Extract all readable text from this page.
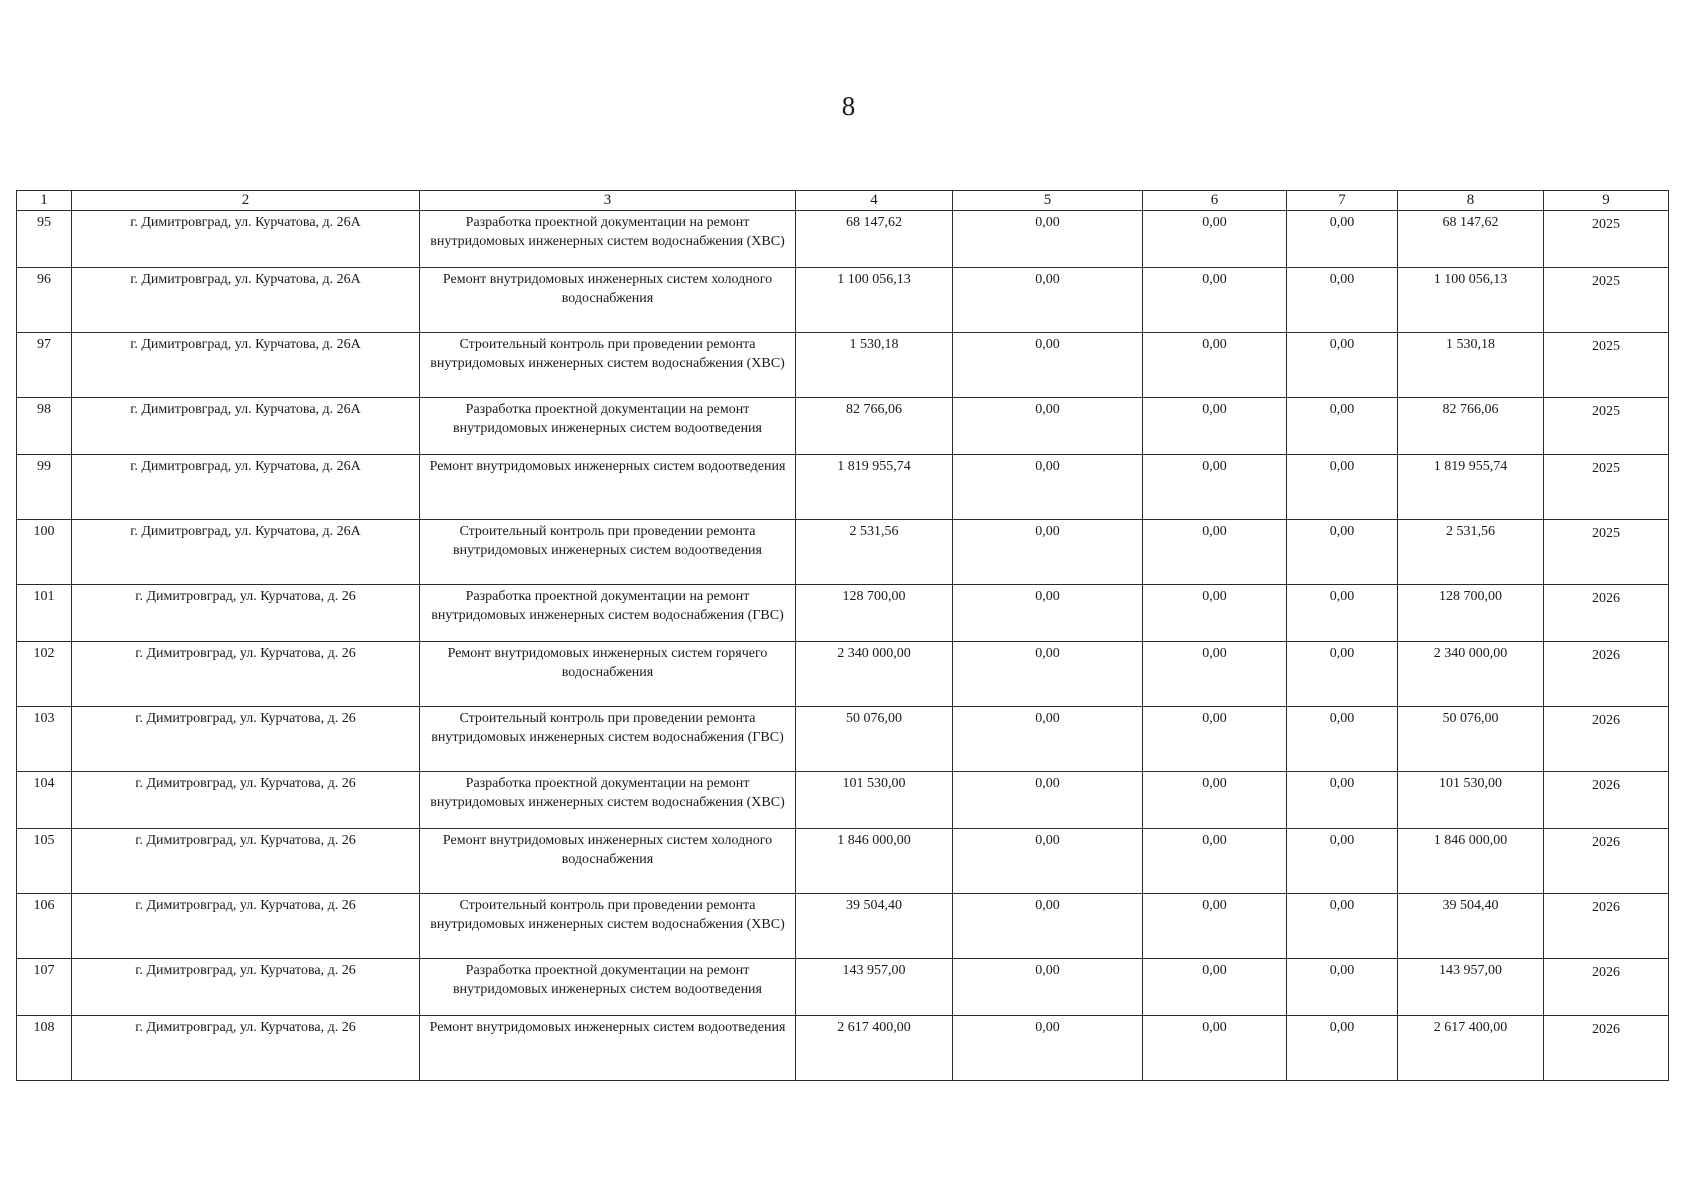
8
1	2	3	4	5	6	7	8	9
95	г. Димитровград, ул. Курчатова, д. 26А	Разработка проектной документации на ремонт внутридомовых инженерных систем водоснабжения (ХВС)	68 147,62	0,00	0,00	0,00	68 147,62	2025
96	г. Димитровград, ул. Курчатова, д. 26А	Ремонт внутридомовых инженерных систем холодного водоснабжения	1 100 056,13	0,00	0,00	0,00	1 100 056,13	2025
97	г. Димитровград, ул. Курчатова, д. 26А	Строительный контроль при проведении ремонта внутридомовых инженерных систем водоснабжения (ХВС)	1 530,18	0,00	0,00	0,00	1 530,18	2025
98	г. Димитровград, ул. Курчатова, д. 26А	Разработка проектной документации на ремонт внутридомовых инженерных систем водоотведения	82 766,06	0,00	0,00	0,00	82 766,06	2025
99	г. Димитровград, ул. Курчатова, д. 26А	Ремонт внутридомовых инженерных систем водоотведения	1 819 955,74	0,00	0,00	0,00	1 819 955,74	2025
100	г. Димитровград, ул. Курчатова, д. 26А	Строительный контроль при проведении ремонта внутридомовых инженерных систем водоотведения	2 531,56	0,00	0,00	0,00	2 531,56	2025
101	г. Димитровград, ул. Курчатова, д. 26	Разработка проектной документации на ремонт внутридомовых инженерных систем водоснабжения (ГВС)	128 700,00	0,00	0,00	0,00	128 700,00	2026
102	г. Димитровград, ул. Курчатова, д. 26	Ремонт внутридомовых инженерных систем горячего водоснабжения	2 340 000,00	0,00	0,00	0,00	2 340 000,00	2026
103	г. Димитровград, ул. Курчатова, д. 26	Строительный контроль при проведении ремонта внутридомовых инженерных систем водоснабжения (ГВС)	50 076,00	0,00	0,00	0,00	50 076,00	2026
104	г. Димитровград, ул. Курчатова, д. 26	Разработка проектной документации на ремонт внутридомовых инженерных систем водоснабжения (ХВС)	101 530,00	0,00	0,00	0,00	101 530,00	2026
105	г. Димитровград, ул. Курчатова, д. 26	Ремонт внутридомовых инженерных систем холодного водоснабжения	1 846 000,00	0,00	0,00	0,00	1 846 000,00	2026
106	г. Димитровград, ул. Курчатова, д. 26	Строительный контроль при проведении ремонта внутридомовых инженерных систем водоснабжения (ХВС)	39 504,40	0,00	0,00	0,00	39 504,40	2026
107	г. Димитровград, ул. Курчатова, д. 26	Разработка проектной документации на ремонт внутридомовых инженерных систем водоотведения	143 957,00	0,00	0,00	0,00	143 957,00	2026
108	г. Димитровград, ул. Курчатова, д. 26	Ремонт внутридомовых инженерных систем водоотведения	2 617 400,00	0,00	0,00	0,00	2 617 400,00	2026
